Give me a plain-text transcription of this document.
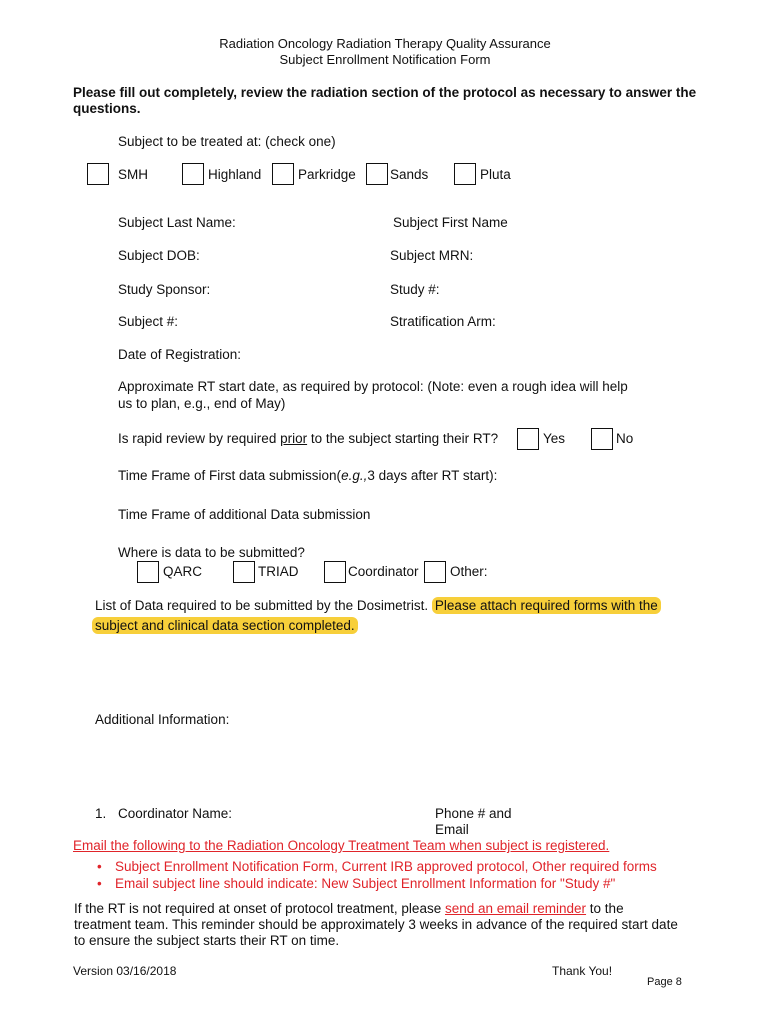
Radiation Oncology Radiation Therapy Quality Assurance
Subject Enrollment Notification Form
Please fill out completely, review the radiation section of the protocol as necessary to answer the questions.
Subject to be treated at: (check one)
SMH	Highland	Parkridge	Sands	Pluta
Subject Last Name:	Subject First Name
Subject DOB:	Subject MRN:
Study Sponsor:	Study #:
Subject #:	Stratification Arm:
Date of Registration:
Approximate RT start date, as required by protocol: (Note: even a rough idea will help
us to plan, e.g., end of May)
Is rapid review by required prior to the subject starting their RT?	Yes	No
Time Frame of First data submission(e.g.,3 days after RT start):
Time Frame of additional Data submission
Where is data to be submitted?
QARC	TRIAD	Coordinator Other:
List of Data required to be submitted by the Dosimetrist. Please attach required forms with the
subject and clinical data section completed.
Additional Information:
1. Coordinator Name:	Phone # and
Email
Email the following to the Radiation Oncology Treatment Team when subject is registered.
• Subject Enrollment Notification Form, Current IRB approved protocol, Other required forms
• Email subject line should indicate: New Subject Enrollment Information for "Study #"
If the RT is not required at onset of protocol treatment, please send an email reminder to the
treatment team. This reminder should be approximately 3 weeks in advance of the required start date
to ensure the subject starts their RT on time.
Version 03/16/2018	Thank You!
Page 8
